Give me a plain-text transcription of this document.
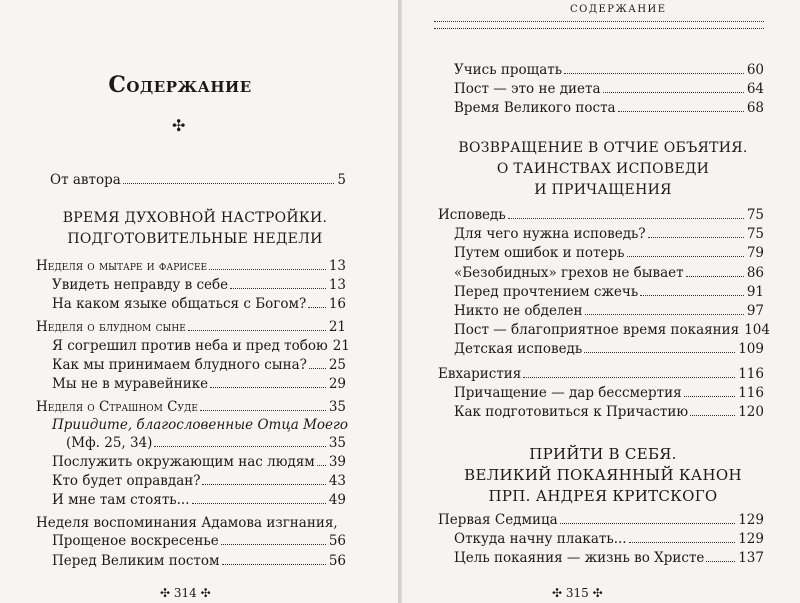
Содержание
✣
От автора	5
ВРЕМЯ ДУХОВНОЙ НАСТРОЙКИ.
ПОДГОТОВИТЕЛЬНЫЕ НЕДЕЛИ
Неделя о мытаре и фарисее	13
Увидеть неправду в себе	13
На каком языке общаться с Богом? 16
Неделя о блудном сыне	21
Я согрешил против неба и пред тобою 21
Как мы принимаем блудного сына? 25
Мы не в муравейнике	29
Неделя о Страшном Суде	35
Приидите, благословенные Отца Моего
(Мф. 25, 34)	35
Послужить окружающим нас людям 39
Кто будет оправдан?	43
И мне там стоять...	49
Неделя воспоминания Адамова изгнания,
Прощеное воскресенье	56
Перед Великим постом	56
✣ 314 ✣
СОДЕРЖАНИЕ
Учись прощать	60
Пост — это не диета	64
Время Великого поста	68
ВОЗВРАЩЕНИЕ В ОТЧИЕ ОБЪЯТИЯ.
О ТАИНСТВАХ ИСПОВЕДИ
И ПРИЧАЩЕНИЯ
Исповедь	75
Для чего нужна исповедь?	75
Путем ошибок и потерь	79
«Безобидных» грехов не бывает	86
Перед прочтением сжечь	91
Никто не обделен	97
Пост — благоприятное время покаяния 104
Детская исповедь	109
Евхаристия	116
Причащение — дар бессмертия	116
Как подготовиться к Причастию	120
ПРИЙТИ В СЕБЯ.
ВЕЛИКИЙ ПОКАЯННЫЙ КАНОН
ПРП. АНДРЕЯ КРИТСКОГО
Первая Седмица	129
Откуда начну плакать...	129
Цель покаяния — жизнь во Христе	137
✣ 315 ✣
